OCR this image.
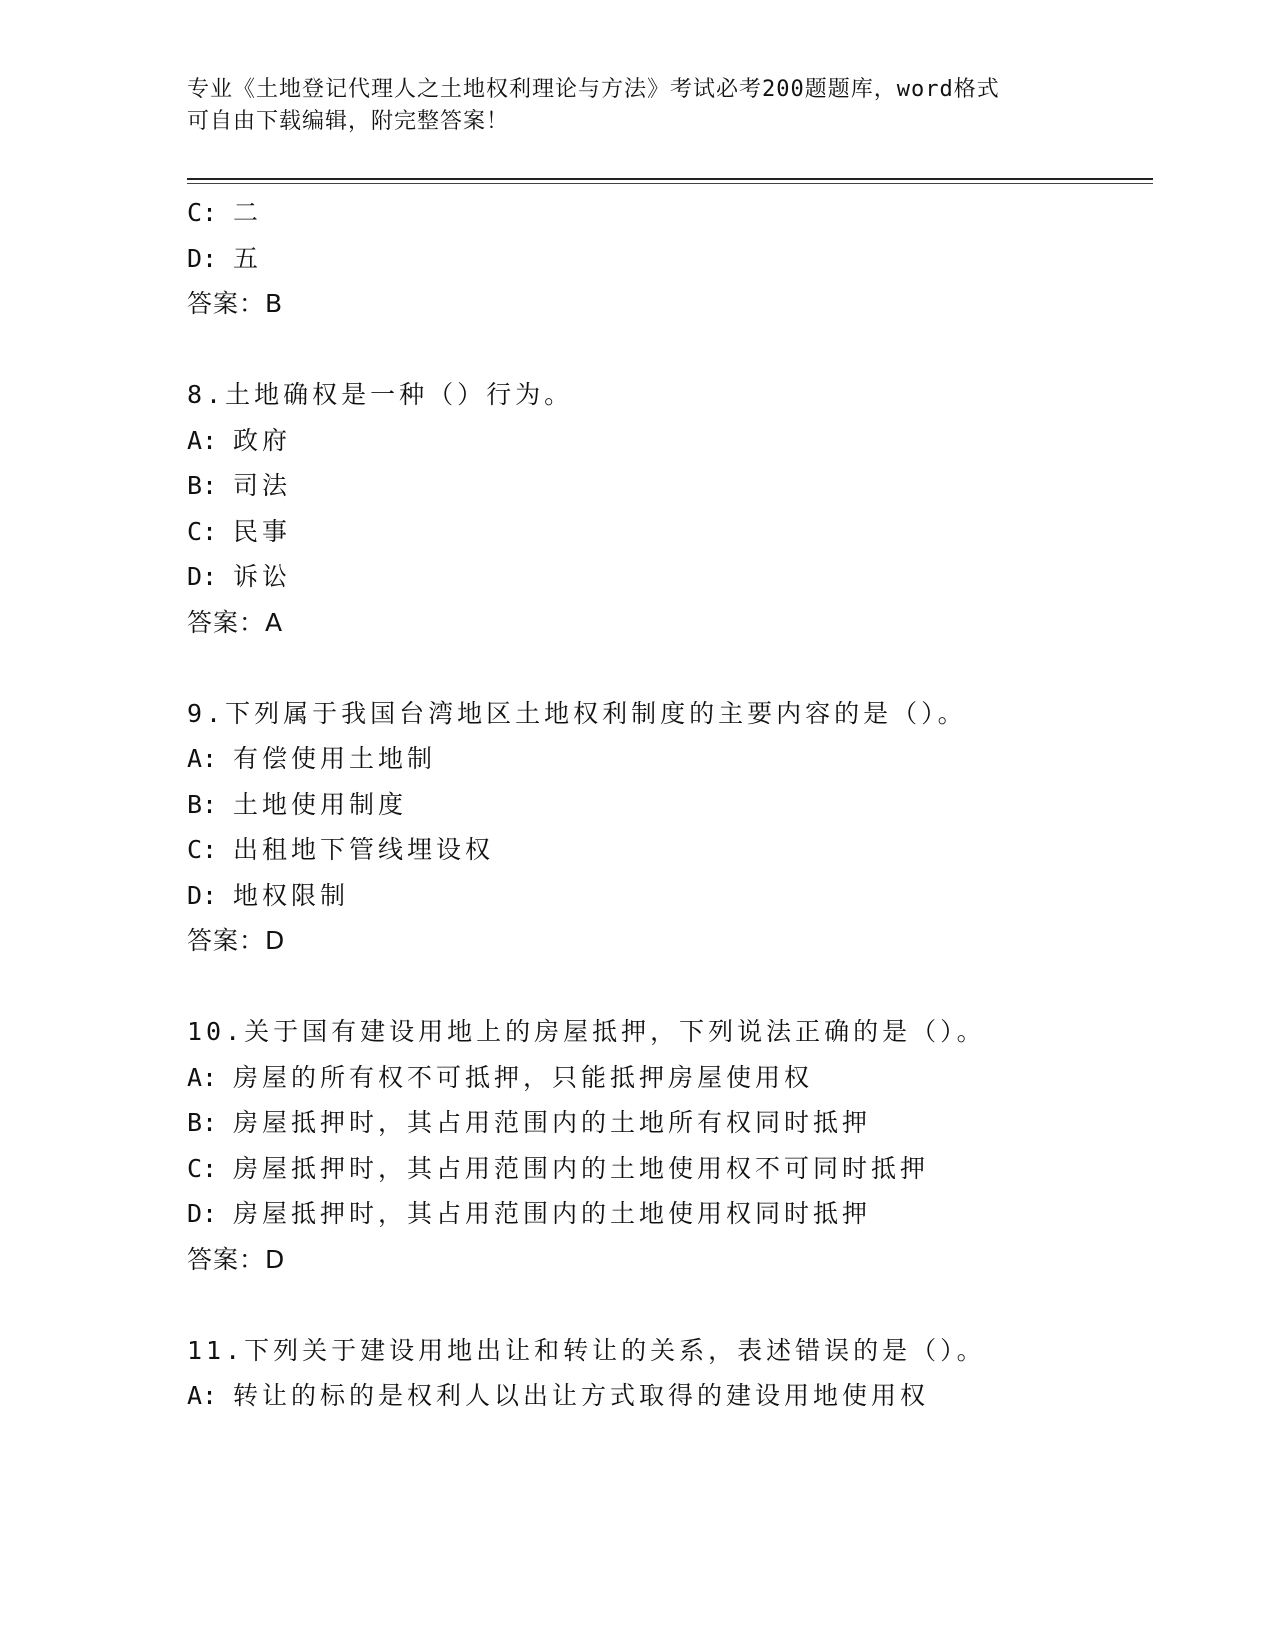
专业《土地登记代理人之土地权利理论与方法》考试必考200题题库，word格式
可自由下载编辑，附完整答案！
C: 二
D: 五
答案：B
8.土地确权是一种（）行为。
A: 政府
B: 司法
C: 民事
D: 诉讼
答案：A
9.下列属于我国台湾地区土地权利制度的主要内容的是（）。
A: 有偿使用土地制
B: 土地使用制度
C: 出租地下管线埋设权
D: 地权限制
答案：D
10.关于国有建设用地上的房屋抵押，下列说法正确的是（）。
A: 房屋的所有权不可抵押，只能抵押房屋使用权
B: 房屋抵押时，其占用范围内的土地所有权同时抵押
C: 房屋抵押时，其占用范围内的土地使用权不可同时抵押
D: 房屋抵押时，其占用范围内的土地使用权同时抵押
答案：D
11.下列关于建设用地出让和转让的关系，表述错误的是（）。
A: 转让的标的是权利人以出让方式取得的建设用地使用权
